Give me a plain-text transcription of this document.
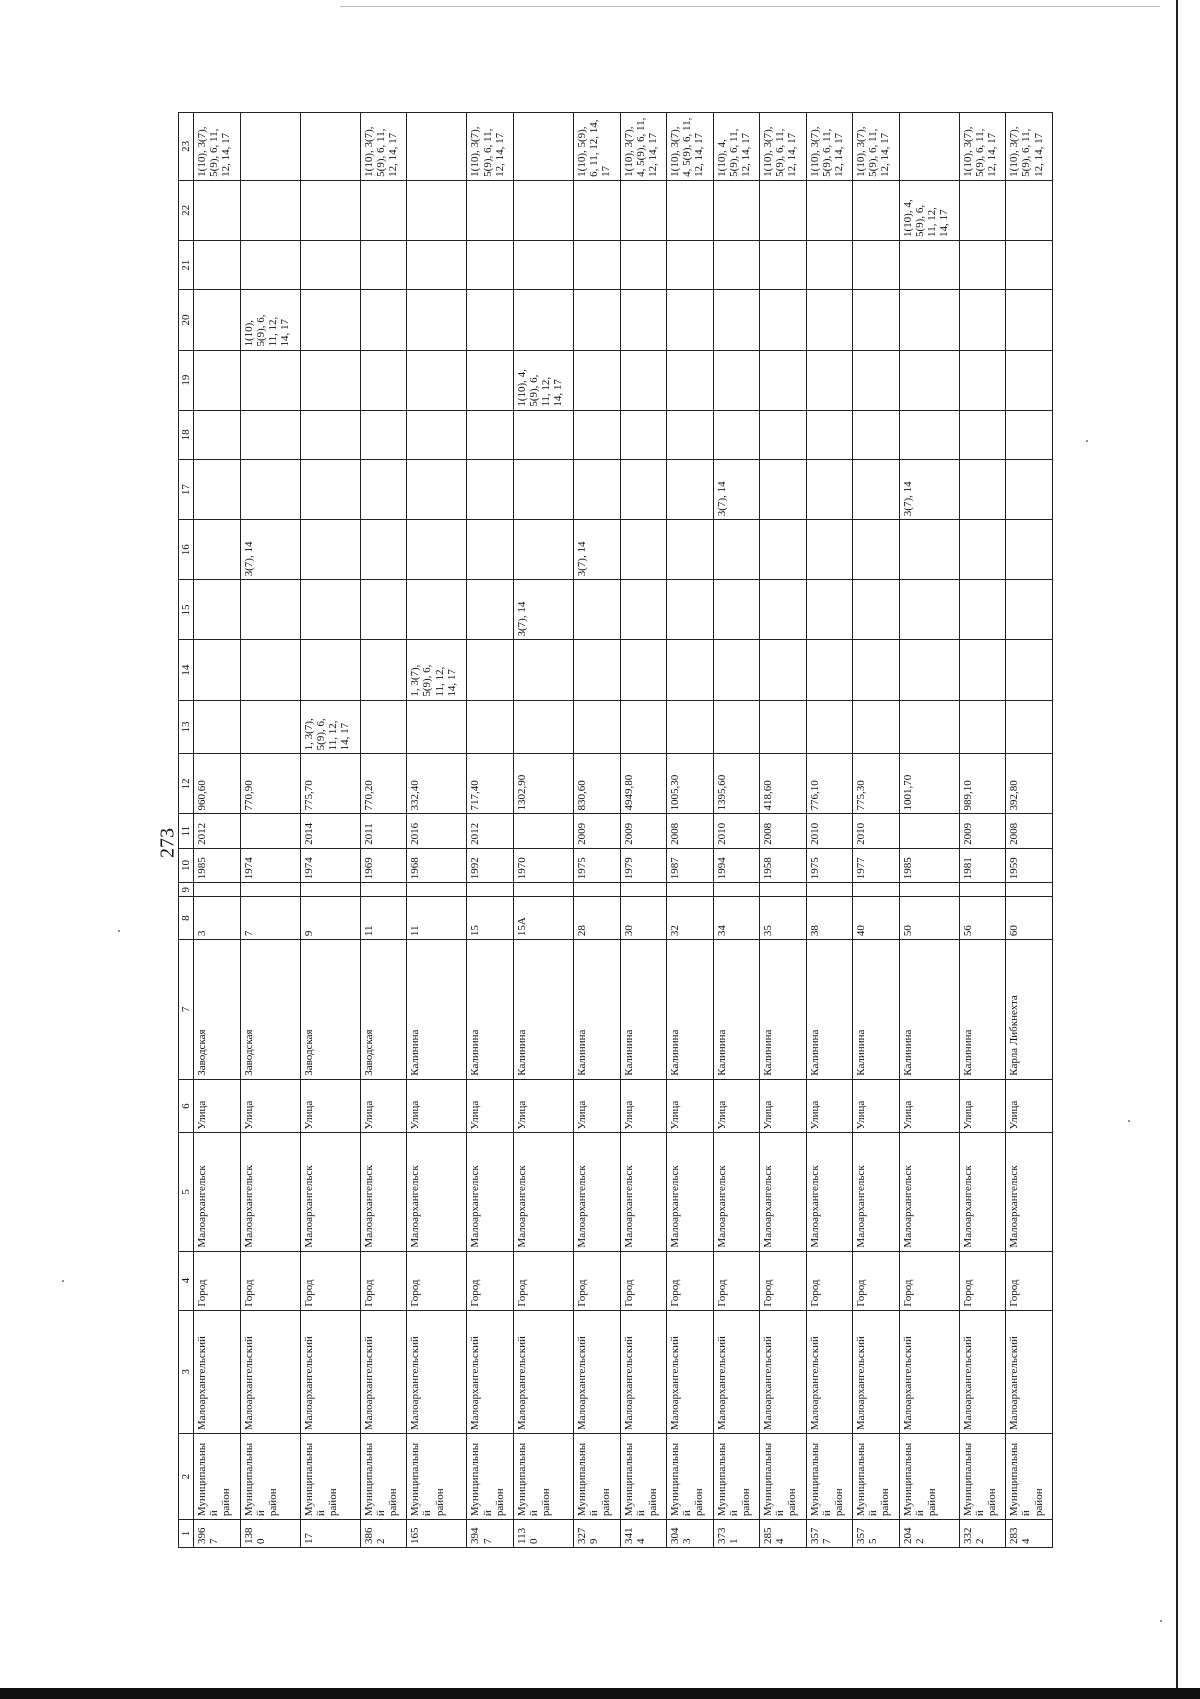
273
1	2	3	4	5	6	7	8	9	10	11	12	13	14	15	16	17	18	19	20	21	22	23
3967	Муниципальный
район	Малоархангельский	Город	Малоархангельск	Улица	Заводская	3		1985	2012	960,60											1(10), 3(7),
5(9), 6, 11,
12, 14, 17
1380	Муниципальный
район	Малоархангельский	Город	Малоархангельск	Улица	Заводская	7		1974		770,90				3(7), 14				1(10),
5(9), 6,
11, 12,
14, 17			
17	Муниципальный
район	Малоархангельский	Город	Малоархангельск	Улица	Заводская	9		1974	2014	775,70	1, 3(7),
5(9), 6,
11, 12,
14, 17										
3862	Муниципальный
район	Малоархангельский	Город	Малоархангельск	Улица	Заводская	11		1969	2011	770,20											1(10), 3(7),
5(9), 6, 11,
12, 14, 17
165	Муниципальный
район	Малоархангельский	Город	Малоархангельск	Улица	Калинина	11		1968	2016	332,40		1, 3(7),
5(9), 6,
11, 12,
14, 17									
3947	Муниципальный
район	Малоархангельский	Город	Малоархангельск	Улица	Калинина	15		1992	2012	717,40											1(10), 3(7),
5(9), 6, 11,
12, 14, 17
1130	Муниципальный
район	Малоархангельский	Город	Малоархангельск	Улица	Калинина	15А		1970		1302,90			3(7), 14				1(10), 4,
5(9), 6,
11, 12,
14, 17				
3279	Муниципальный
район	Малоархангельский	Город	Малоархангельск	Улица	Калинина	28		1975	2009	830,60				3(7), 14							1(10), 5(9),
6, 11, 12, 14,
17
3414	Муниципальный
район	Малоархангельский	Город	Малоархангельск	Улица	Калинина	30		1979	2009	4949,80											1(10), 3(7),
4, 5(9), 6, 11,
12, 14, 17
3043	Муниципальный
район	Малоархангельский	Город	Малоархангельск	Улица	Калинина	32		1987	2008	1005,30											1(10), 3(7),
4, 5(9), 6, 11,
12, 14, 17
3731	Муниципальный
район	Малоархангельский	Город	Малоархангельск	Улица	Калинина	34		1994	2010	1395,60					3(7), 14						1(10), 4,
5(9), 6, 11,
12, 14, 17
2854	Муниципальный
район	Малоархангельский	Город	Малоархангельск	Улица	Калинина	35		1958	2008	418,60											1(10), 3(7),
5(9), 6, 11,
12, 14, 17
3577	Муниципальный
район	Малоархангельский	Город	Малоархангельск	Улица	Калинина	38		1975	2010	776,10											1(10), 3(7),
5(9), 6, 11,
12, 14, 17
3575	Муниципальный
район	Малоархангельский	Город	Малоархангельск	Улица	Калинина	40		1977	2010	775,30											1(10), 3(7),
5(9), 6, 11,
12, 14, 17
2042	Муниципальный
район	Малоархангельский	Город	Малоархангельск	Улица	Калинина	50		1985		1001,70					3(7), 14					1(10), 4,
5(9), 6,
11, 12,
14, 17	
3322	Муниципальный
район	Малоархангельский	Город	Малоархангельск	Улица	Калинина	56		1981	2009	989,10											1(10), 3(7),
5(9), 6, 11,
12, 14, 17
2834	Муниципальный
район	Малоархангельский	Город	Малоархангельск	Улица	Карла Либкнехта	60		1959	2008	392,80											1(10), 3(7),
5(9), 6, 11,
12, 14, 17
